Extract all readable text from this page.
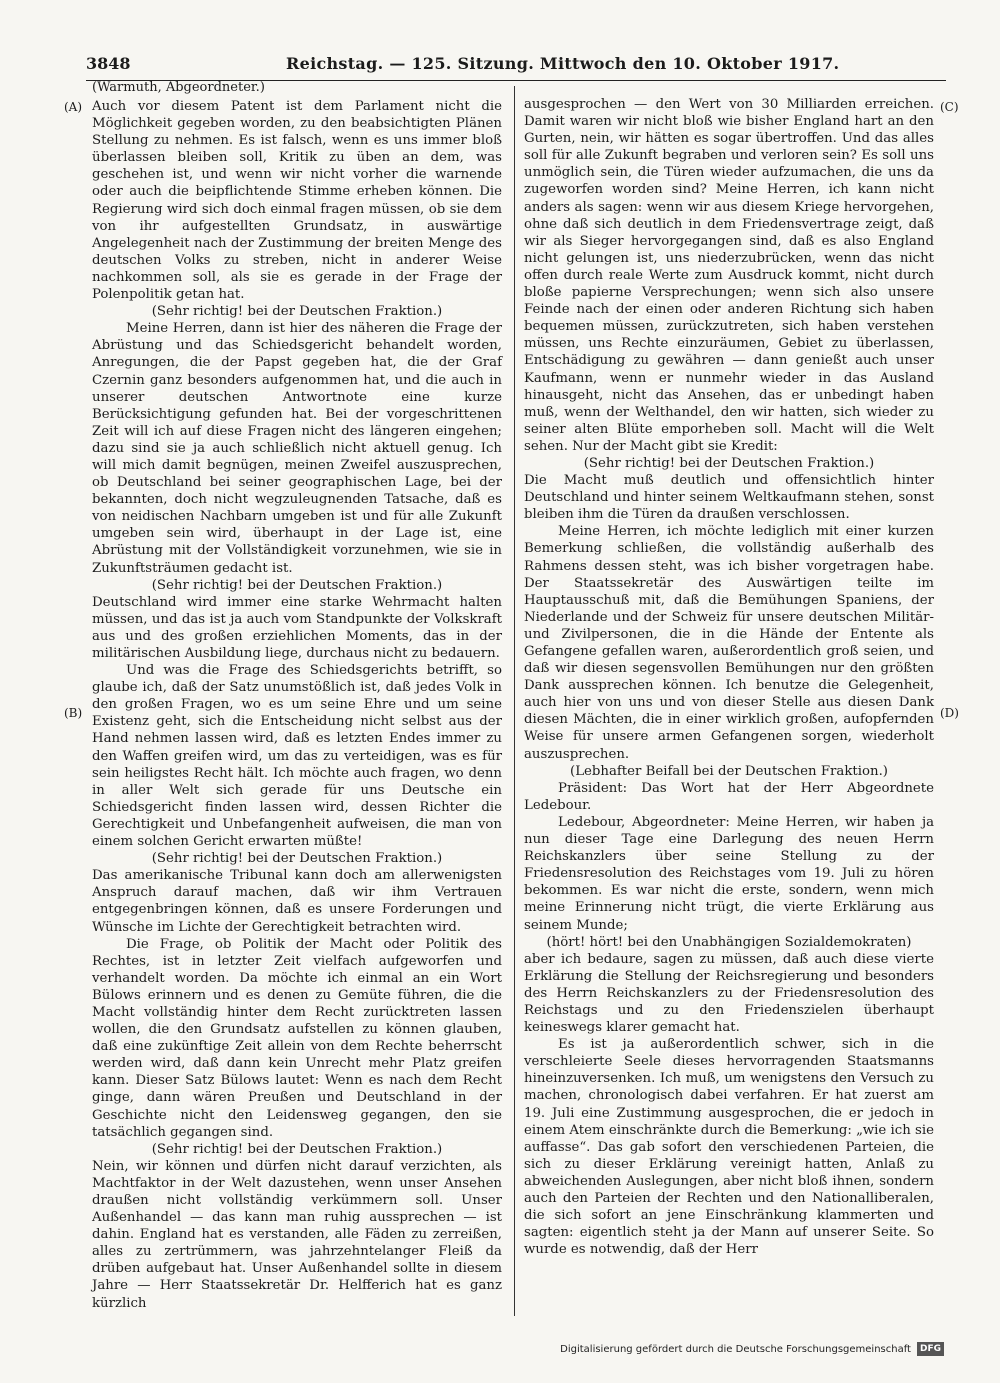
3848	Reichstag. — 125. Sitzung. Mittwoch den 10. Oktober 1917.
(Warmuth, Abgeordneter.)
(A)
(B)
(C)
(D)

Auch vor diesem Patent ist dem Parlament nicht die Möglichkeit gegeben worden, zu den beabsichtigten Plänen Stellung zu nehmen. Es ist falsch, wenn es uns immer bloß überlassen bleiben soll, Kritik zu üben an dem, was geschehen ist, und wenn wir nicht vorher die warnende oder auch die beipflichtende Stimme erheben können. Die Regierung wird sich doch einmal fragen müssen, ob sie dem von ihr aufgestellten Grundsatz, in auswärtige Angelegenheit nach der Zustimmung der breiten Menge des deutschen Volks zu streben, nicht in anderer Weise nachkommen soll, als sie es gerade in der Frage der Polenpolitik getan hat.

(Sehr richtig! bei der Deutschen Fraktion.)

Meine Herren, dann ist hier des näheren die Frage der Abrüstung und das Schiedsgericht behandelt worden, Anregungen, die der Papst gegeben hat, die der Graf Czernin ganz besonders aufgenommen hat, und die auch in unserer deutschen Antwortnote eine kurze Berücksichtigung gefunden hat. Bei der vorgeschrittenen Zeit will ich auf diese Fragen nicht des längeren eingehen; dazu sind sie ja auch schließlich nicht aktuell genug. Ich will mich damit begnügen, meinen Zweifel auszusprechen, ob Deutschland bei seiner geographischen Lage, bei der bekannten, doch nicht wegzuleugnenden Tatsache, daß es von neidischen Nachbarn umgeben ist und für alle Zukunft umgeben sein wird, überhaupt in der Lage ist, eine Abrüstung mit der Vollständigkeit vorzunehmen, wie sie in Zukunftsträumen gedacht ist.

(Sehr richtig! bei der Deutschen Fraktion.)

Deutschland wird immer eine starke Wehrmacht halten müssen, und das ist ja auch vom Standpunkte der Volkskraft aus und des großen erziehlichen Moments, das in der militärischen Ausbildung liege, durchaus nicht zu bedauern.

Und was die Frage des Schiedsgerichts betrifft, so glaube ich, daß der Satz unumstößlich ist, daß jedes Volk in den großen Fragen, wo es um seine Ehre und um seine Existenz geht, sich die Entscheidung nicht selbst aus der Hand nehmen lassen wird, daß es letzten Endes immer zu den Waffen greifen wird, um das zu verteidigen, was es für sein heiligstes Recht hält. Ich möchte auch fragen, wo denn in aller Welt sich gerade für uns Deutsche ein Schiedsgericht finden lassen wird, dessen Richter die Gerechtigkeit und Unbefangenheit aufweisen, die man von einem solchen Gericht erwarten müßte!

(Sehr richtig! bei der Deutschen Fraktion.)

Das amerikanische Tribunal kann doch am allerwenigsten Anspruch darauf machen, daß wir ihm Vertrauen entgegenbringen können, daß es unsere Forderungen und Wünsche im Lichte der Gerechtigkeit betrachten wird.

Die Frage, ob Politik der Macht oder Politik des Rechtes, ist in letzter Zeit vielfach aufgeworfen und verhandelt worden. Da möchte ich einmal an ein Wort Bülows erinnern und es denen zu Gemüte führen, die die Macht vollständig hinter dem Recht zurücktreten lassen wollen, die den Grundsatz aufstellen zu können glauben, daß eine zukünftige Zeit allein von dem Rechte beherrscht werden wird, daß dann kein Unrecht mehr Platz greifen kann. Dieser Satz Bülows lautet: Wenn es nach dem Recht ginge, dann wären Preußen und Deutschland in der Geschichte nicht den Leidensweg gegangen, den sie tatsächlich gegangen sind.

(Sehr richtig! bei der Deutschen Fraktion.)

Nein, wir können und dürfen nicht darauf verzichten, als Machtfaktor in der Welt dazustehen, wenn unser Ansehen draußen nicht vollständig verkümmern soll. Unser Außenhandel — das kann man ruhig aussprechen — ist dahin. England hat es verstanden, alle Fäden zu zerreißen, alles zu zertrümmern, was jahrzehntelanger Fleiß da drüben aufgebaut hat. Unser Außenhandel sollte in diesem Jahre — Herr Staatssekretär Dr. Helfferich hat es ganz kürzlich

ausgesprochen — den Wert von 30 Milliarden erreichen. Damit waren wir nicht bloß wie bisher England hart an den Gurten, nein, wir hätten es sogar übertroffen. Und das alles soll für alle Zukunft begraben und verloren sein? Es soll uns unmöglich sein, die Türen wieder aufzumachen, die uns da zugeworfen worden sind? Meine Herren, ich kann nicht anders als sagen: wenn wir aus diesem Kriege hervorgehen, ohne daß sich deutlich in dem Friedensvertrage zeigt, daß wir als Sieger hervorgegangen sind, daß es also England nicht gelungen ist, uns niederzubrücken, wenn das nicht offen durch reale Werte zum Ausdruck kommt, nicht durch bloße papierne Versprechungen; wenn sich also unsere Feinde nach der einen oder anderen Richtung sich haben bequemen müssen, zurückzutreten, sich haben verstehen müssen, uns Rechte einzuräumen, Gebiet zu überlassen, Entschädigung zu gewähren — dann genießt auch unser Kaufmann, wenn er nunmehr wieder in das Ausland hinausgeht, nicht das Ansehen, das er unbedingt haben muß, wenn der Welthandel, den wir hatten, sich wieder zu seiner alten Blüte emporheben soll. Macht will die Welt sehen. Nur der Macht gibt sie Kredit:

(Sehr richtig! bei der Deutschen Fraktion.)

Die Macht muß deutlich und offensichtlich hinter Deutschland und hinter seinem Weltkaufmann stehen, sonst bleiben ihm die Türen da draußen verschlossen.

Meine Herren, ich möchte lediglich mit einer kurzen Bemerkung schließen, die vollständig außerhalb des Rahmens dessen steht, was ich bisher vorgetragen habe. Der Staatssekretär des Auswärtigen teilte im Hauptausschuß mit, daß die Bemühungen Spaniens, der Niederlande und der Schweiz für unsere deutschen Militär- und Zivilpersonen, die in die Hände der Entente als Gefangene gefallen waren, außerordentlich groß seien, und daß wir diesen segensvollen Bemühungen nur den größten Dank aussprechen können. Ich benutze die Gelegenheit, auch hier von uns und von dieser Stelle aus diesen Dank diesen Mächten, die in einer wirklich großen, aufopfernden Weise für unsere armen Gefangenen sorgen, wiederholt auszusprechen.

(Lebhafter Beifall bei der Deutschen Fraktion.)

Präsident: Das Wort hat der Herr Abgeordnete Ledebour.

Ledebour, Abgeordneter: Meine Herren, wir haben ja nun dieser Tage eine Darlegung des neuen Herrn Reichskanzlers über seine Stellung zu der Friedensresolution des Reichstages vom 19. Juli zu hören bekommen. Es war nicht die erste, sondern, wenn mich meine Erinnerung nicht trügt, die vierte Erklärung aus seinem Munde;

(hört! hört! bei den Unabhängigen Sozialdemokraten)

aber ich bedaure, sagen zu müssen, daß auch diese vierte Erklärung die Stellung der Reichsregierung und besonders des Herrn Reichskanzlers zu der Friedensresolution des Reichstags und zu den Friedenszielen überhaupt keineswegs klarer gemacht hat.

Es ist ja außerordentlich schwer, sich in die verschleierte Seele dieses hervorragenden Staatsmanns hineinzuversenken. Ich muß, um wenigstens den Versuch zu machen, chronologisch dabei verfahren. Er hat zuerst am 19. Juli eine Zustimmung ausgesprochen, die er jedoch in einem Atem einschränkte durch die Bemerkung: „wie ich sie auffasse“. Das gab sofort den verschiedenen Parteien, die sich zu dieser Erklärung vereinigt hatten, Anlaß zu abweichenden Auslegungen, aber nicht bloß ihnen, sondern auch den Parteien der Rechten und den Nationalliberalen, die sich sofort an jene Einschränkung klammerten und sagten: eigentlich steht ja der Mann auf unserer Seite. So wurde es notwendig, daß der Herr

Digitalisierung gefördert durch die Deutsche Forschungsgemeinschaft	DFG
